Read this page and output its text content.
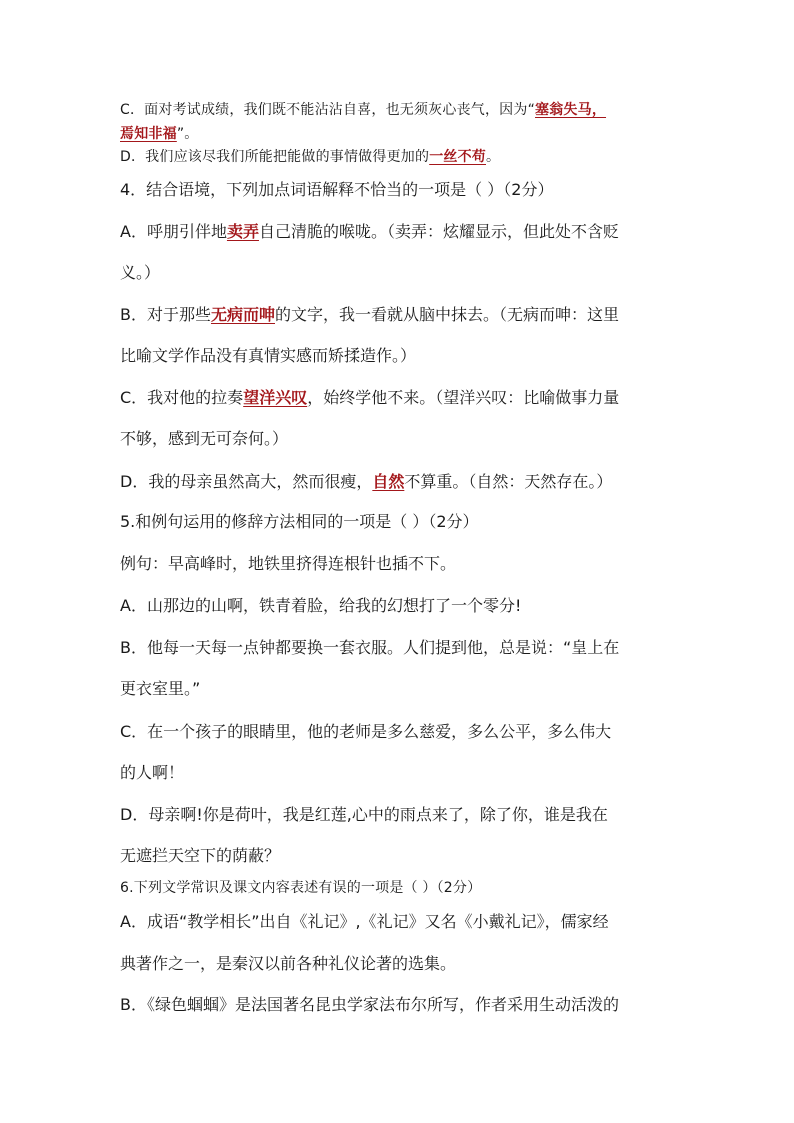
C．面对考试成绩，我们既不能沾沾自喜，也无须灰心丧气，因为“塞翁失马，
焉知非福”。
D．我们应该尽我们所能把能做的事情做得更加的一丝不苟。
4．结合语境，下列加点词语解释不恰当的一项是（ ）（2分）
A．呼朋引伴地卖弄自己清脆的喉咙。（卖弄：炫耀显示，但此处不含贬
义。）
B．对于那些无病而呻的文字，我一看就从脑中抹去。（无病而呻：这里
比喻文学作品没有真情实感而矫揉造作。）
C．我对他的拉奏望洋兴叹，始终学他不来。（望洋兴叹：比喻做事力量
不够，感到无可奈何。）
D．我的母亲虽然高大，然而很瘦，自然不算重。（自然：天然存在。）
5.和例句运用的修辞方法相同的一项是（ ）（2分）
例句：早高峰时，地铁里挤得连根针也插不下。
A．山那边的山啊，铁青着脸，给我的幻想打了一个零分!
B．他每一天每一点钟都要换一套衣服。人们提到他，总是说：“皇上在
更衣室里。”
C．在一个孩子的眼睛里，他的老师是多么慈爱，多么公平，多么伟大
的人啊！
D．母亲啊!你是荷叶，我是红莲,心中的雨点来了，除了你，谁是我在
无遮拦天空下的荫蔽？
6.下列文学常识及课文内容表述有误的一项是（ ）（2分）
A．成语“教学相长”出自《礼记》,《礼记》又名《小戴礼记》，儒家经
典著作之一，是秦汉以前各种礼仪论著的选集。
B．《绿色蝈蝈》是法国著名昆虫学家法布尔所写，作者采用生动活泼的
